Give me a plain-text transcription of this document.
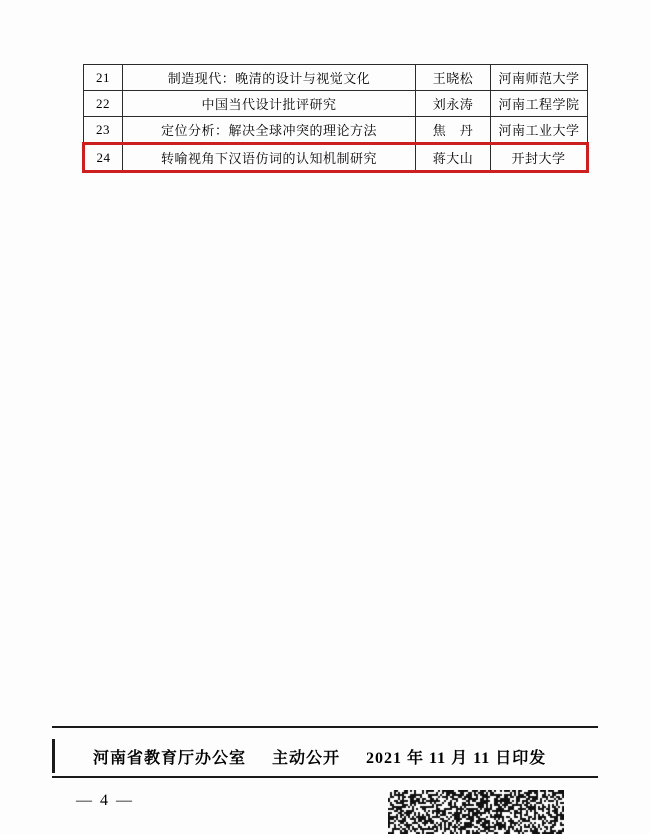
21	制造现代：晚清的设计与视觉文化	王晓松	河南师范大学
22	中国当代设计批评研究	刘永涛	河南工程学院
23	定位分析：解决全球冲突的理论方法	焦　丹	河南工业大学
24	转喻视角下汉语仿词的认知机制研究	蒋大山	开封大学
河南省教育厅办公室 主动公开 2021 年 11 月 11 日印发
— 4 —
